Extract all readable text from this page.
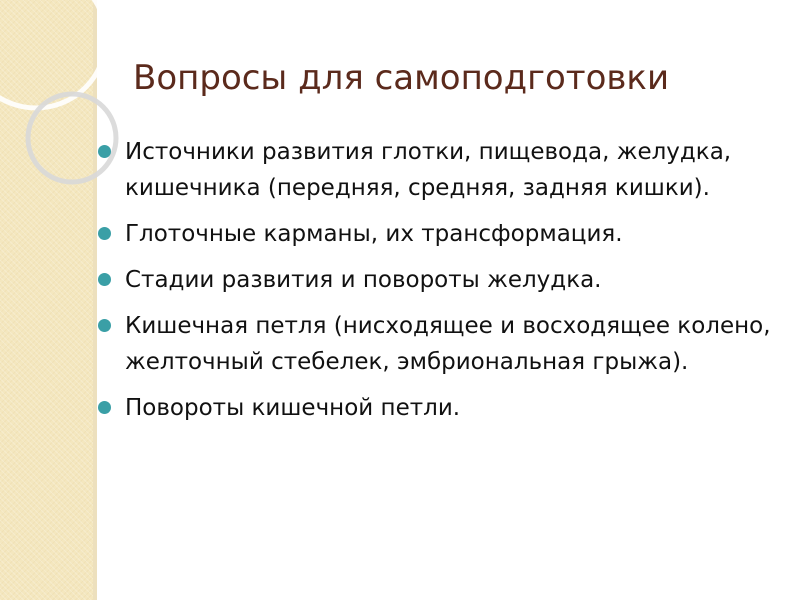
Вопросы для самоподготовки
Источники развития глотки, пищевода, желудка, кишечника (передняя, средняя, задняя кишки).
Глоточные карманы, их трансформация.
Стадии развития и повороты желудка.
Кишечная петля (нисходящее и восходящее колено, желточный стебелек, эмбриональная грыжа).
Повороты кишечной петли.
